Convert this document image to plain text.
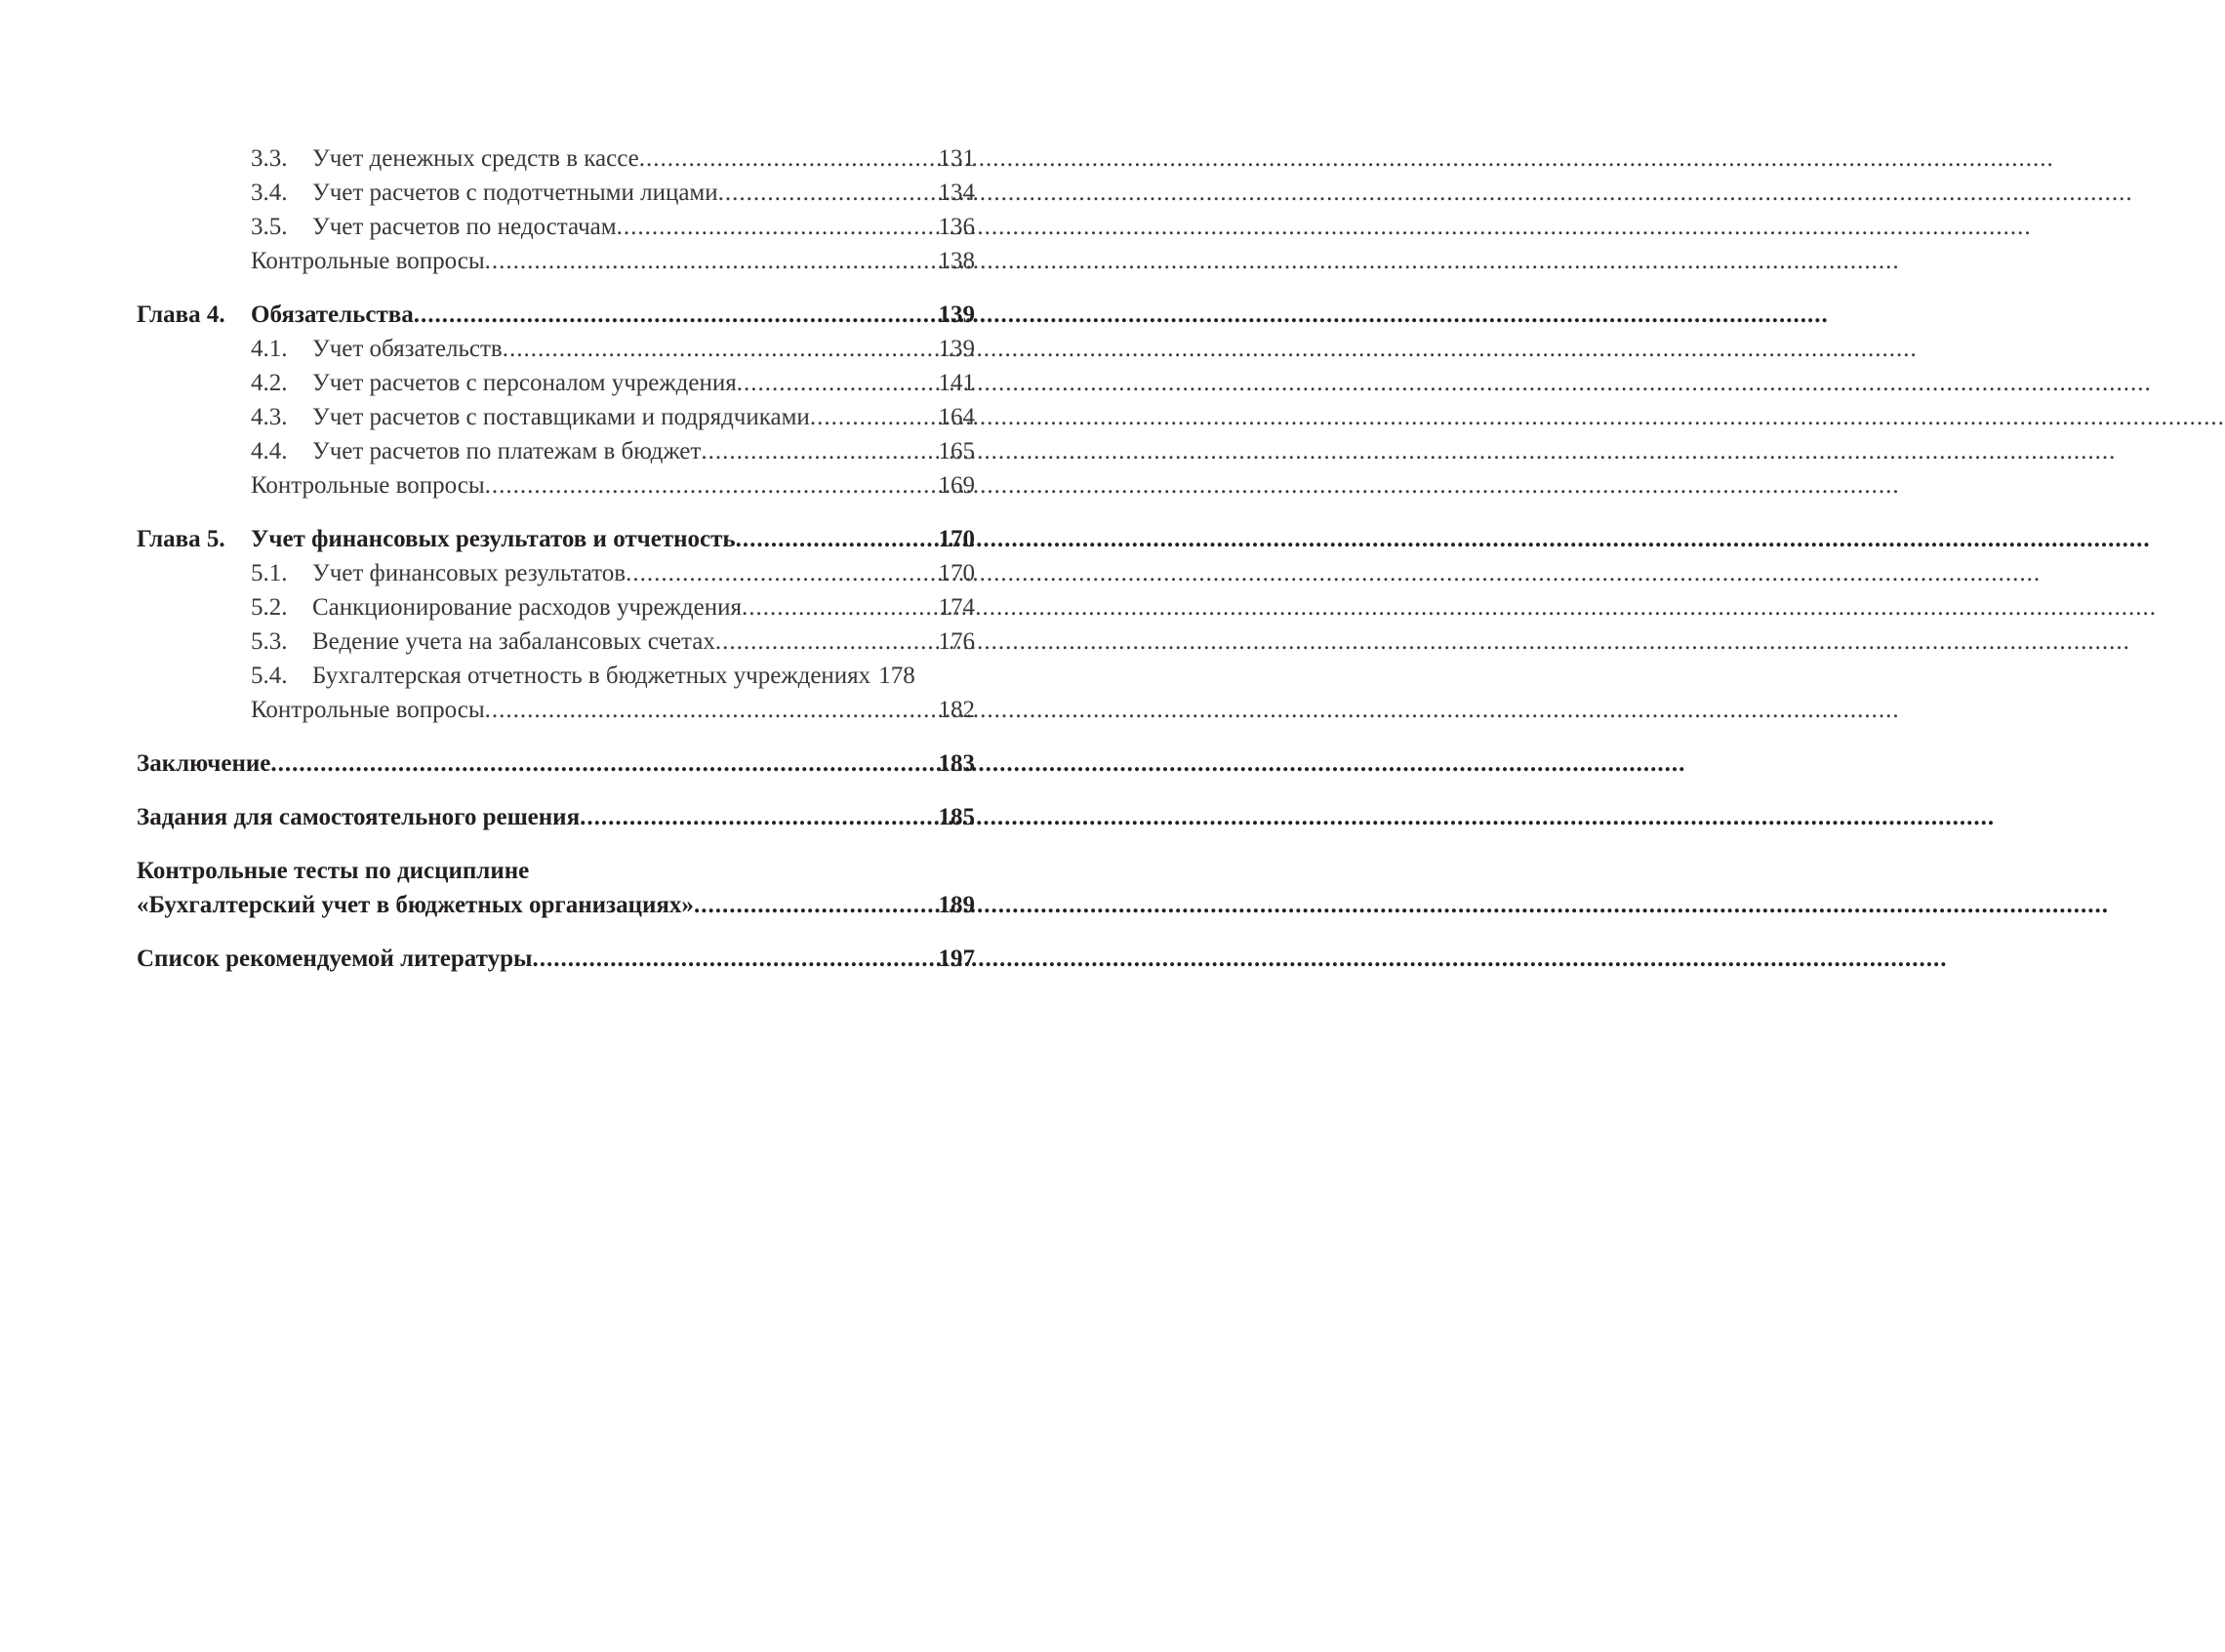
3.3.	Учет денежных средств в кассе .....	131
3.4.	Учет расчетов с подотчетными лицами .....	134
3.5.	Учет расчетов по недостачам .....	136
Контрольные вопросы .....	138
Глава 4.	Обязательства .....	139
4.1.	Учет обязательств .....	139
4.2.	Учет расчетов с персоналом учреждения .....	141
4.3.	Учет расчетов с поставщиками и подрядчиками .....	164
4.4.	Учет расчетов по платежам в бюджет .....	165
Контрольные вопросы .....	169
Глава 5.	Учет финансовых результатов и отчетность .....	170
5.1.	Учет финансовых результатов .....	170
5.2.	Санкционирование расходов учреждения .....	174
5.3.	Ведение учета на забалансовых счетах .....	176
5.4.	Бухгалтерская отчетность в бюджетных учреждениях 178
Контрольные вопросы .....	182
Заключение .....	183
Задания для самостоятельного решения .....	185
Контрольные тесты по дисциплине
«Бухгалтерский учет в бюджетных организациях» .....	189
Список рекомендуемой литературы .....	197
